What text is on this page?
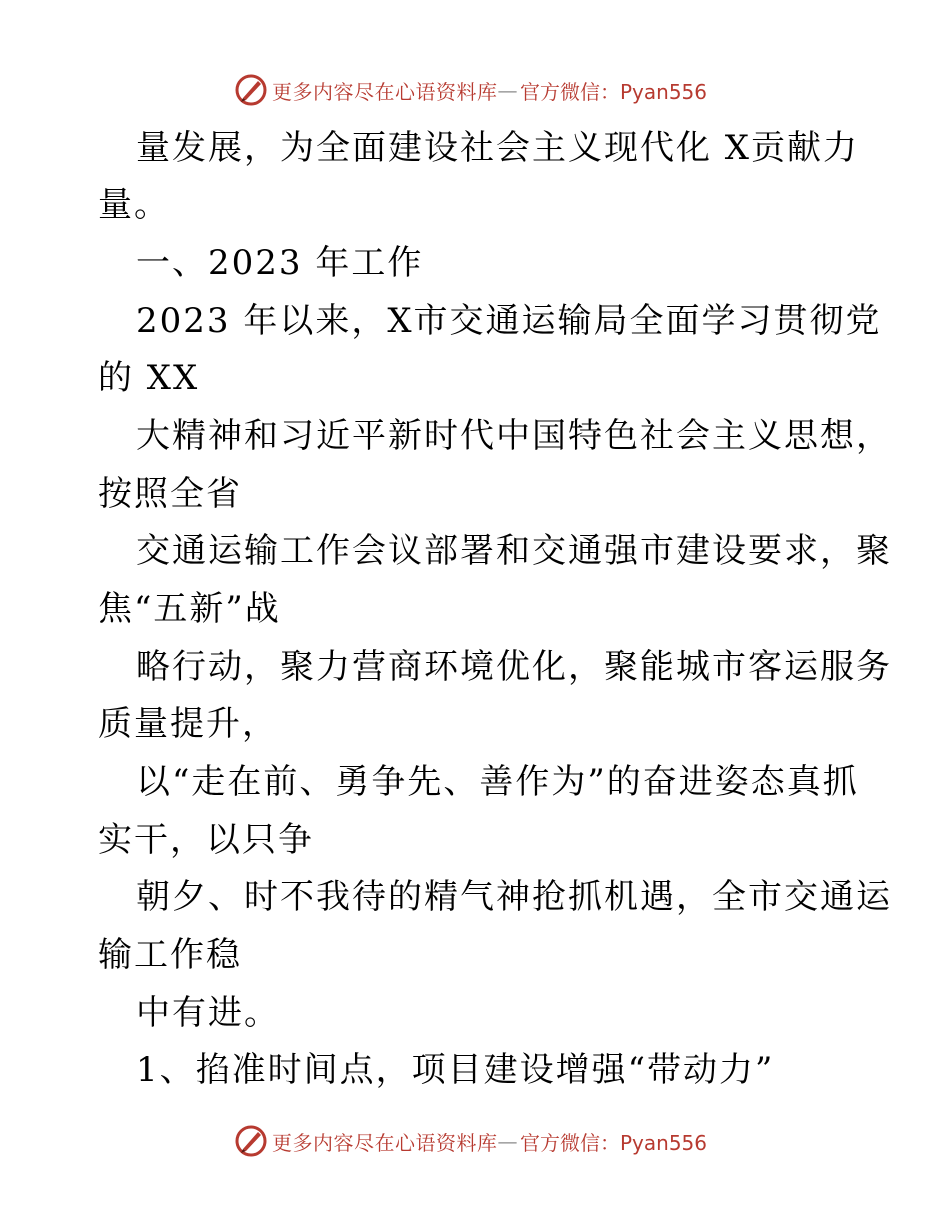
更多内容尽在心语资料库 — 官方微信：Pyan556
量发展，为全面建设社会主义现代化 X贡献力
量。
一、2023 年工作
2023 年以来，X市交通运输局全面学习贯彻党
的 XX
大精神和习近平新时代中国特色社会主义思想，
按照全省
交通运输工作会议部署和交通强市建设要求，聚
焦“五新”战
略行动，聚力营商环境优化，聚能城市客运服务
质量提升，
以“走在前、勇争先、善作为”的奋进姿态真抓
实干，以只争
朝夕、时不我待的精气神抢抓机遇，全市交通运
输工作稳
中有进。
1、掐准时间点，项目建设增强“带动力”
更多内容尽在心语资料库 — 官方微信：Pyan556
